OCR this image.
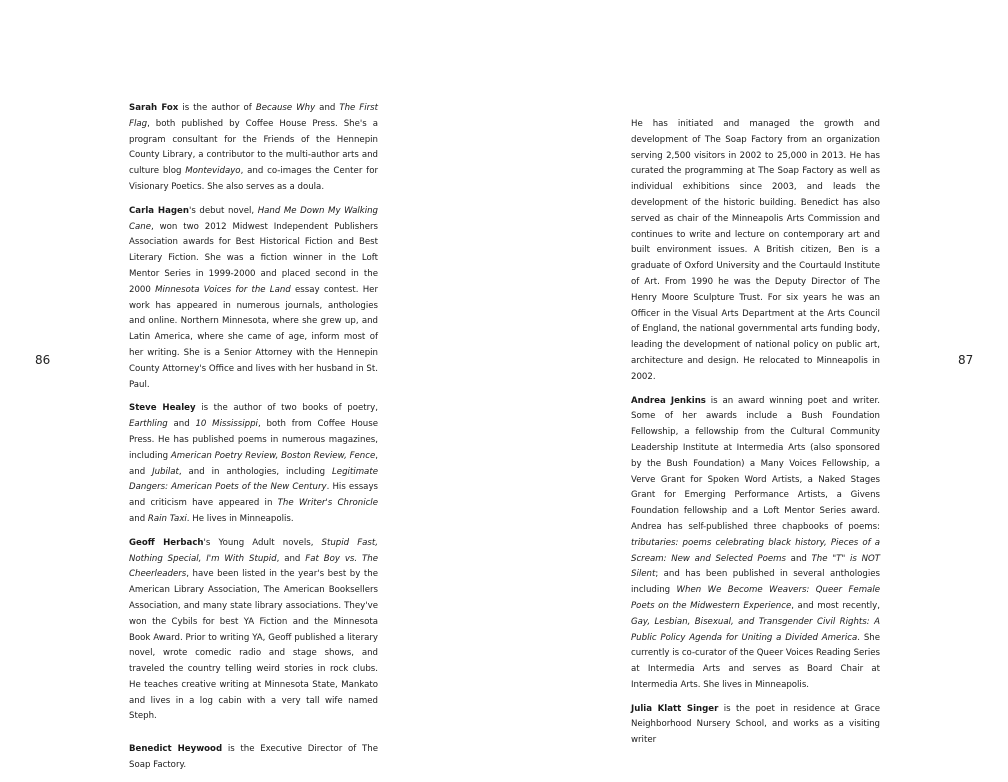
86	87

Sarah Fox is the author of Because Why and The First Flag, both published by Coffee House Press. She's a program consultant for the Friends of the Hennepin County Library, a contributor to the multi-author arts and culture blog Montevidayo, and co-images the Center for Visionary Poetics. She also serves as a doula.

Carla Hagen's debut novel, Hand Me Down My Walking Cane, won two 2012 Midwest Independent Publishers Association awards for Best Historical Fiction and Best Literary Fiction. She was a fiction winner in the Loft Mentor Series in 1999-2000 and placed second in the 2000 Minnesota Voices for the Land essay contest. Her work has appeared in numerous journals, anthologies and online. Northern Minnesota, where she grew up, and Latin America, where she came of age, inform most of her writing. She is a Senior Attorney with the Hennepin County Attorney's Office and lives with her husband in St. Paul.

Steve Healey is the author of two books of poetry, Earthling and 10 Mississippi, both from Coffee House Press. He has published poems in numerous magazines, including American Poetry Review, Boston Review, Fence, and Jubilat, and in anthologies, including Legitimate Dangers: American Poets of the New Century. His essays and criticism have appeared in The Writer's Chronicle and Rain Taxi. He lives in Minneapolis.

Geoff Herbach's Young Adult novels, Stupid Fast, Nothing Special, I'm With Stupid, and Fat Boy vs. The Cheerleaders, have been listed in the year's best by the American Library Association, The American Booksellers Association, and many state library associations. They've won the Cybils for best YA Fiction and the Minnesota Book Award. Prior to writing YA, Geoff published a literary novel, wrote comedic radio and stage shows, and traveled the country telling weird stories in rock clubs. He teaches creative writing at Minnesota State, Mankato and lives in a log cabin with a very tall wife named Steph.

Benedict Heywood is the Executive Director of The Soap Factory.

He has initiated and managed the growth and development of The Soap Factory from an organization serving 2,500 visitors in 2002 to 25,000 in 2013. He has curated the programming at The Soap Factory as well as individual exhibitions since 2003, and leads the development of the historic building. Benedict has also served as chair of the Minneapolis Arts Commission and continues to write and lecture on contemporary art and built environment issues. A British citizen, Ben is a graduate of Oxford University and the Courtauld Institute of Art. From 1990 he was the Deputy Director of The Henry Moore Sculpture Trust. For six years he was an Officer in the Visual Arts Department at the Arts Council of England, the national governmental arts funding body, leading the development of national policy on public art, architecture and design. He relocated to Minneapolis in 2002.

Andrea Jenkins is an award winning poet and writer. Some of her awards include a Bush Foundation Fellowship, a fellowship from the Cultural Community Leadership Institute at Intermedia Arts (also sponsored by the Bush Foundation) a Many Voices Fellowship, a Verve Grant for Spoken Word Artists, a Naked Stages Grant for Emerging Performance Artists, a Givens Foundation fellowship and a Loft Mentor Series award. Andrea has self-published three chapbooks of poems: tributaries: poems celebrating black history, Pieces of a Scream: New and Selected Poems and The "T" is NOT Silent; and has been published in several anthologies including When We Become Weavers: Queer Female Poets on the Midwestern Experience, and most recently, Gay, Lesbian, Bisexual, and Transgender Civil Rights: A Public Policy Agenda for Uniting a Divided America. She currently is co-curator of the Queer Voices Reading Series at Intermedia Arts and serves as Board Chair at Intermedia Arts. She lives in Minneapolis.

Julia Klatt Singer is the poet in residence at Grace Neighborhood Nursery School, and works as a visiting writer
